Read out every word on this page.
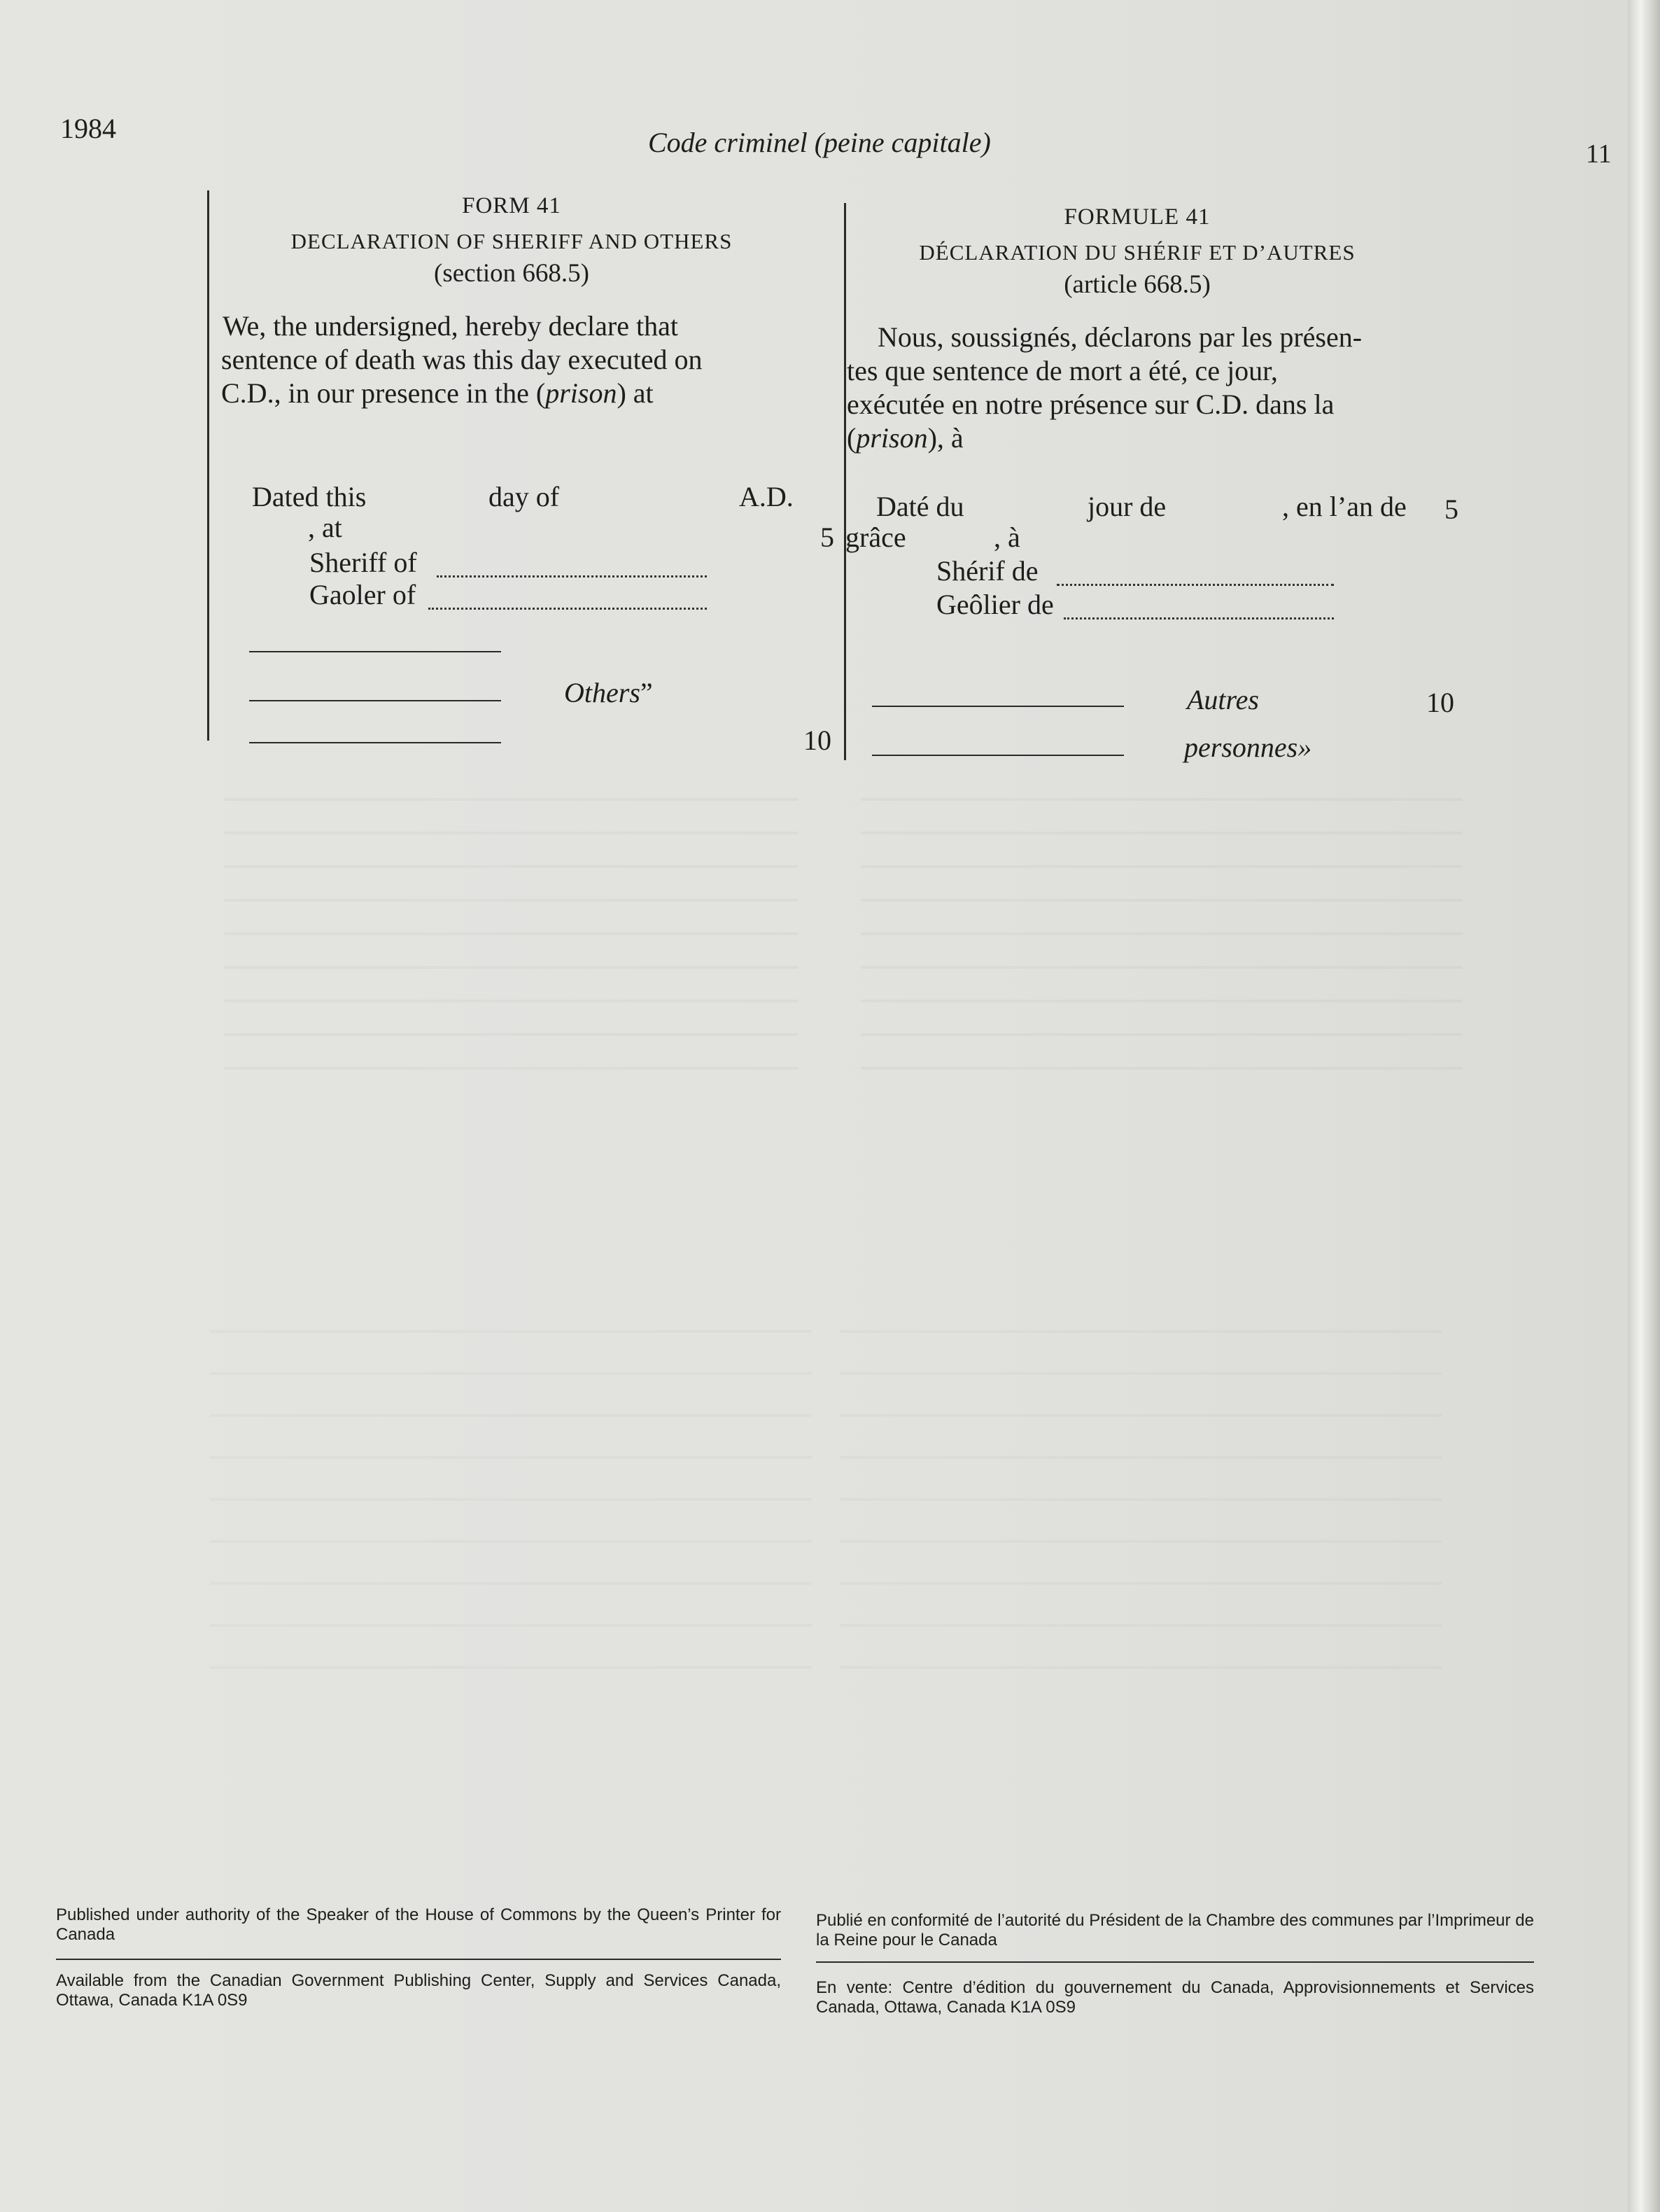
1984	Code criminel (peine capitale)	11
FORM 41
DECLARATION OF SHERIFF AND OTHERS
(section 668.5)
We, the undersigned, hereby declare that
sentence of death was this day executed on
C.D., in our presence in the (prison) at
Dated this	day of	A.D.
, at
Sheriff of
Gaoler of
Others”
5
10
5
10
FORMULE 41
DÉCLARATION DU SHÉRIF ET D’AUTRES
(article 668.5)
Nous, soussignés, déclarons par les présen-
tes que sentence de mort a été, ce jour,
exécutée en notre présence sur C.D. dans la
(prison), à
Daté du	jour de	, en l’an de
grâce	, à
Shérif de
Geôlier de
Autres
personnes»
Published under authority of the Speaker of the House of Commons by the Queen’s Printer for Canada
Available from the Canadian Government Publishing Center, Supply and Services Canada, Ottawa, Canada K1A 0S9
Publié en conformité de l’autorité du Président de la Chambre des communes par l’Imprimeur de la Reine pour le Canada
En vente: Centre d’édition du gouvernement du Canada, Approvisionnements et Services Canada, Ottawa, Canada K1A 0S9
